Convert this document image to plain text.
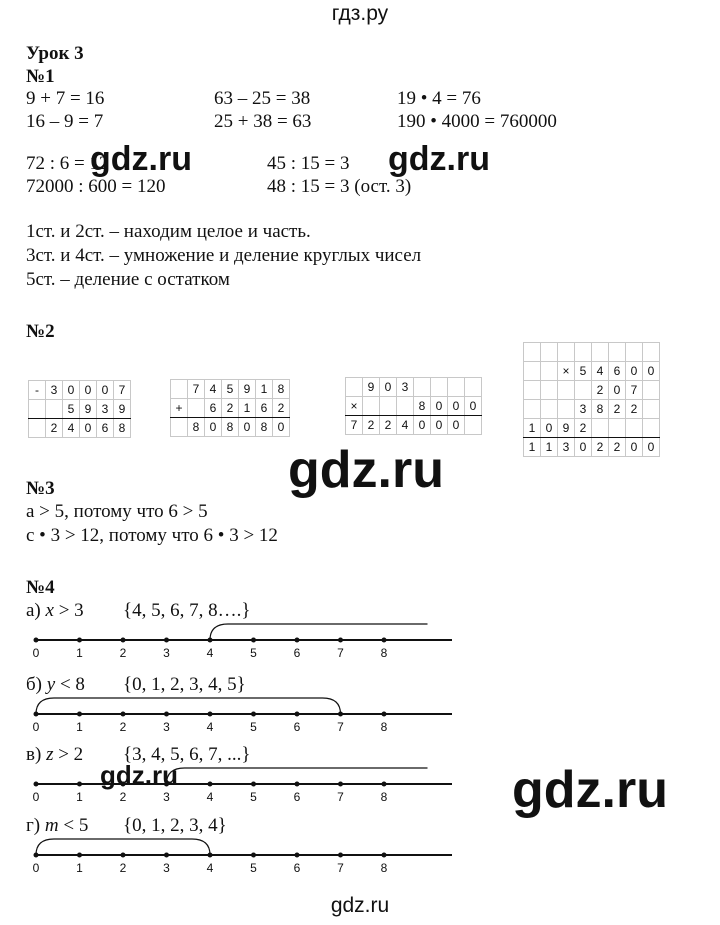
гдз.ру
Урок 3
№1
9 + 7 = 16	63 – 25 = 38	19 • 4 = 76
16 – 9 = 7	25 + 38 = 63	190 • 4000 = 760000
72 : 6 = 12	45 : 15 = 3
72000 : 600 = 120	48 : 15 = 3 (ост. 3)
1ст. и 2ст. – находим целое и часть.
3ст. и 4ст. – умножение и деление круглых чисел
5ст. – деление с остатком
№2
-	3	0	0	0	7
		5	9	3	9
	2	4	0	6	8
	7	4	5	9	1	8
+		6	2	1	6	2
	8	0	8	0	8	0
	9	0	3				
×				8	0	0	0
7	2	2	4	0	0	0	

		×	5	4	6	0	0
				2	0	7	
			3	8	2	2	
1	0	9	2				
1	1	3	0	2	2	0	0
№3
а > 5, потому что 6 > 5
с • 3 > 12, потому что 6 • 3 > 12
№4
а) x > 3 {4, 5, 6, 7, 8….}
0	1	2	3	4	5	6	7	8
б) y < 8 {0, 1, 2, 3, 4, 5}
0	1	2	3	4	5	6	7	8
в) z > 2 {3, 4, 5, 6, 7, ...}
0	1	2	3	4	5	6	7	8
г) m < 5 {0, 1, 2, 3, 4}
0	1	2	3	4	5	6	7	8
gdz.ru	gdz.ru
gdz.ru
gdz.ru	gdz.ru
gdz.ru
